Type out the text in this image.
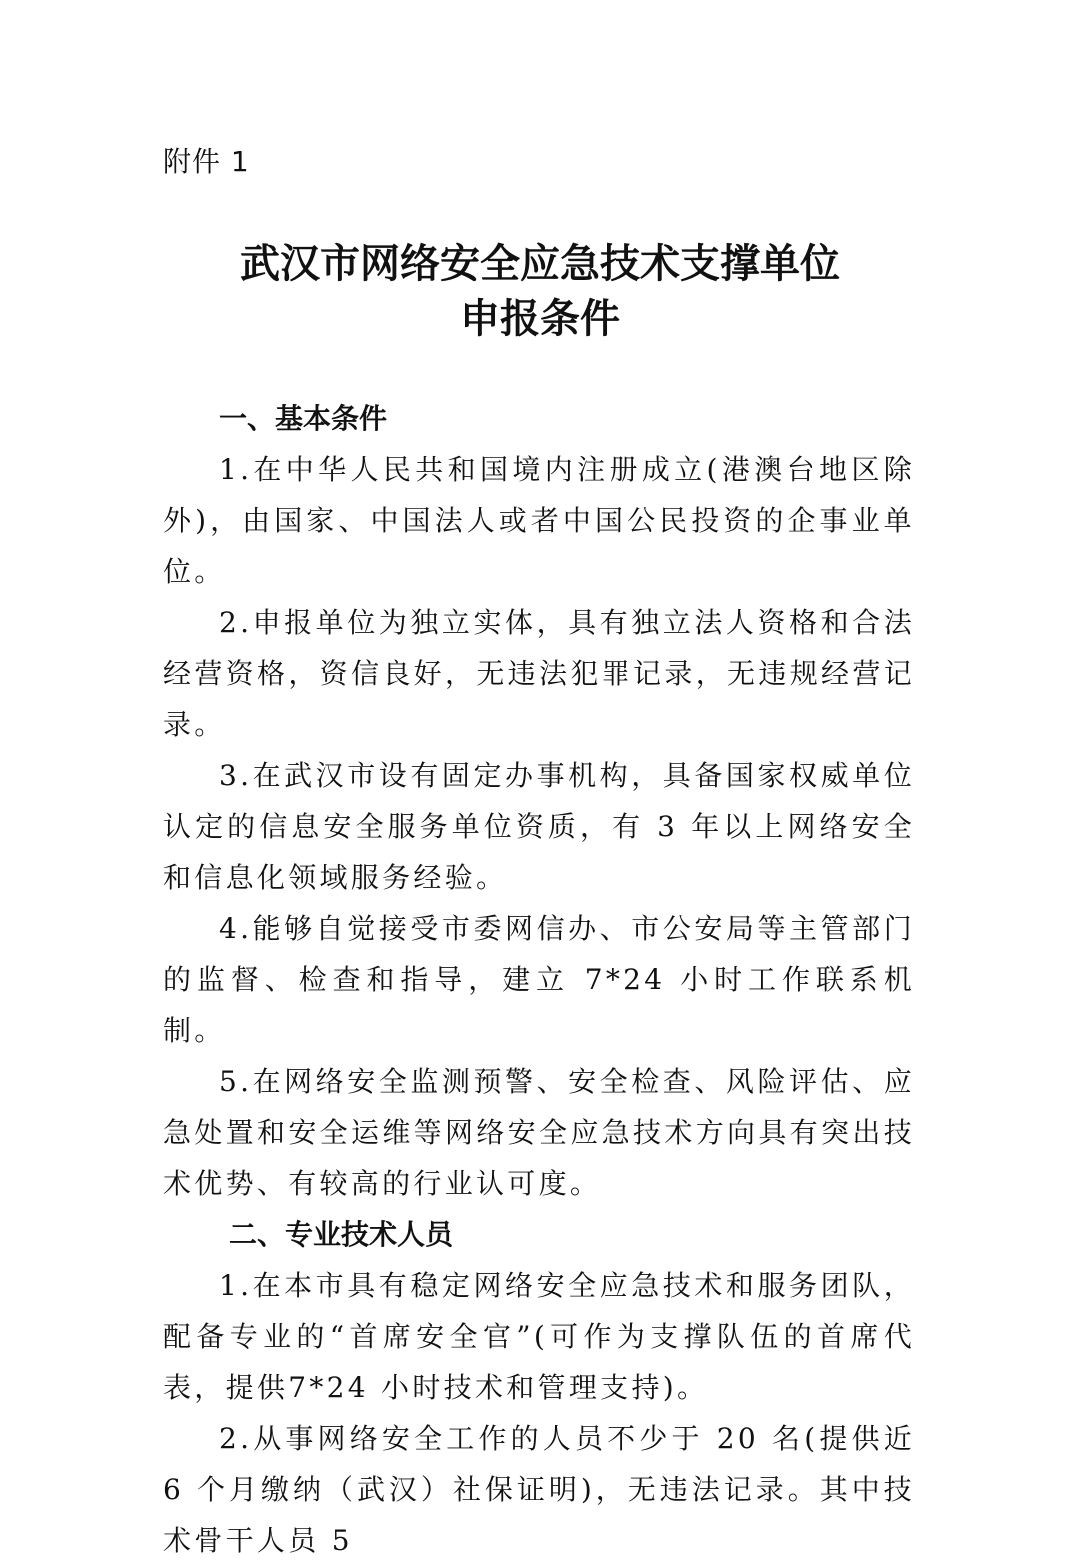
附件 1
武汉市网络安全应急技术支撑单位
申报条件
一、基本条件

1.在中华人民共和国境内注册成立(港澳台地区除外)，由国家、中国法人或者中国公民投资的企事业单位。

2.申报单位为独立实体，具有独立法人资格和合法经营资格，资信良好，无违法犯罪记录，无违规经营记录。

3.在武汉市设有固定办事机构，具备国家权威单位认定的信息安全服务单位资质，有 3 年以上网络安全和信息化领域服务经验。

4.能够自觉接受市委网信办、市公安局等主管部门的监督、检查和指导，建立 7*24 小时工作联系机制。

5.在网络安全监测预警、安全检查、风险评估、应急处置和安全运维等网络安全应急技术方向具有突出技术优势、有较高的行业认可度。

二、专业技术人员

1.在本市具有稳定网络安全应急技术和服务团队，配备专业的“首席安全官”(可作为支撑队伍的首席代表，提供7*24 小时技术和管理支持)。

2.从事网络安全工作的人员不少于 20 名(提供近 6 个月缴纳（武汉）社保证明)，无违法记录。其中技术骨干人员 5
